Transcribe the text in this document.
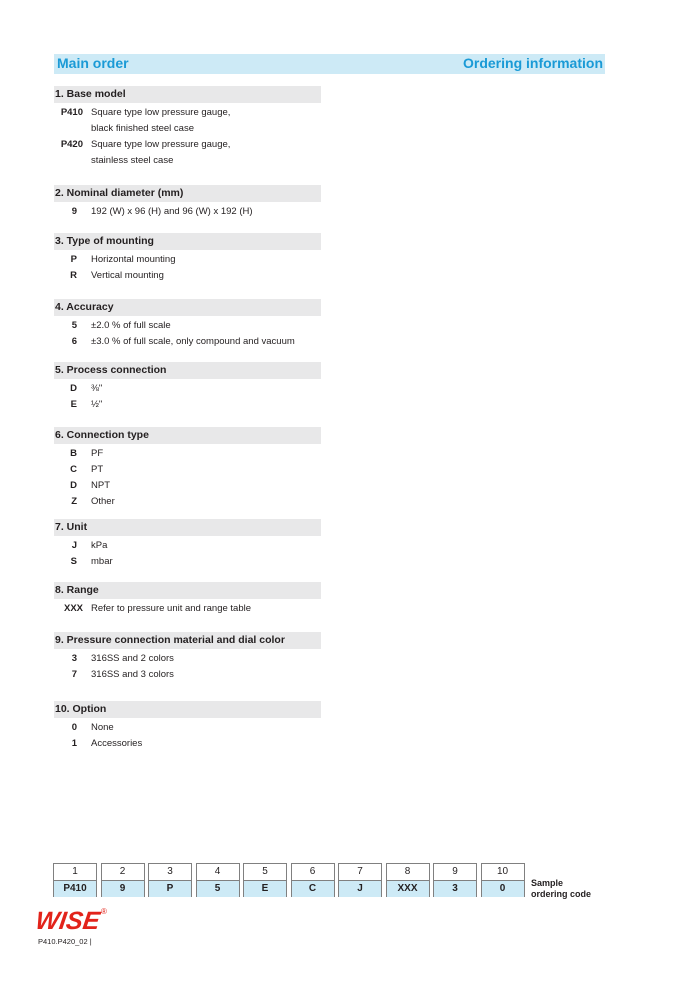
Main order	Ordering information
1. Base model
P410 Square type low pressure gauge,
black finished steel case
P420 Square type low pressure gauge,
stainless steel case
2. Nominal diameter (mm)
9 192 (W) x 96 (H) and 96 (W) x 192 (H)
3. Type of mounting
P Horizontal mounting
R Vertical mounting
4. Accuracy
5 ±2.0 % of full scale
6 ±3.0 % of full scale, only compound and vacuum
5. Process connection
D ⅜"
E ½"
6. Connection type
B PF
C PT
D NPT
Z Other
7. Unit
J kPa
S mbar
8. Range
XXX Refer to pressure unit and range table
9. Pressure connection material and dial color
3 316SS and 2 colors
7 316SS and 3 colors
10. Option
0 None
1 Accessories
1
P410
2
9
3
P
4
5
5
E
6
C
7
J
8
XXX
9
3
10
0	Sample
ordering code
WISE ®
P410.P420_02 |
